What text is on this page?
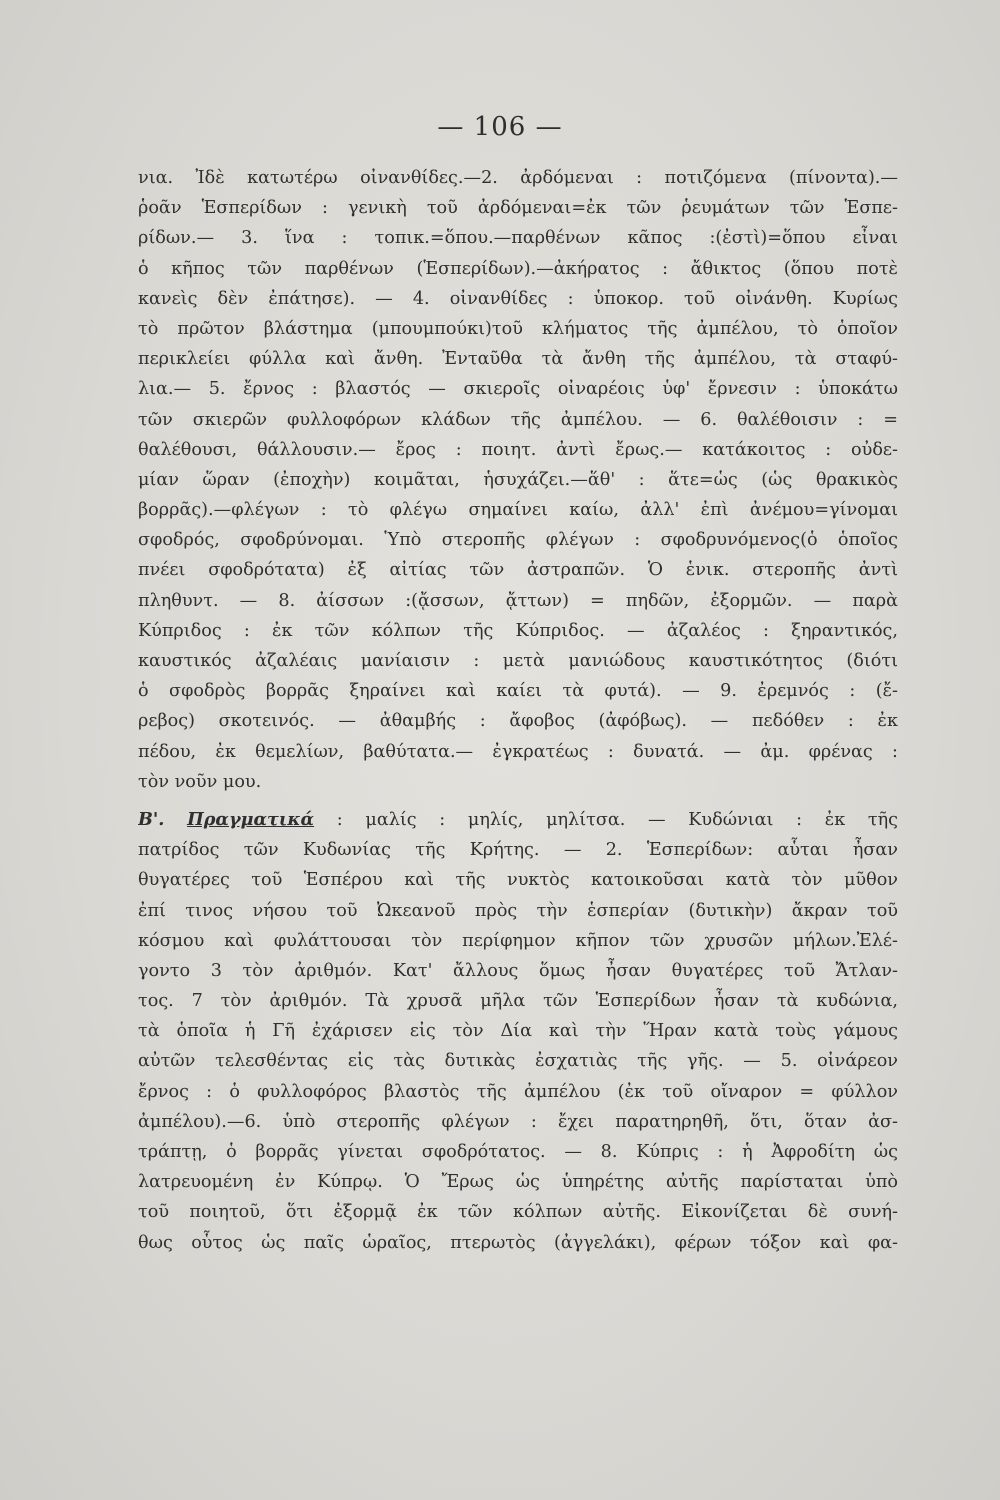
— 106 —
νια. Ἰδὲ κατωτέρω οἰνανθίδες.—2. ἀρδόμεναι : ποτιζόμενα (πίνοντα).—
ῥοᾶν Ἑσπερίδων : γενικὴ τοῦ ἀρδόμεναι=ἐκ τῶν ῥευμάτων τῶν Ἑσπε-
ρίδων.— 3. ἵνα : τοπικ.=ὅπου.—παρθένων κᾶπος :(ἐστὶ)=ὅπου εἶναι
ὁ κῆπος τῶν παρθένων (Ἑσπερίδων).—ἀκήρατος : ἄθικτος (ὅπου ποτὲ
κανεὶς δὲν ἐπάτησε). — 4. οἰνανθίδες : ὑποκορ. τοῦ οἰνάνθη. Κυρίως
τὸ πρῶτον βλάστημα (μπουμπούκι)τοῦ κλήματος τῆς ἀμπέλου, τὸ ὁποῖον
περικλείει φύλλα καὶ ἄνθη. Ἐνταῦθα τὰ ἄνθη τῆς ἀμπέλου, τὰ σταφύ-
λια.— 5. ἔρνος : βλαστός — σκιεροῖς οἰναρέοις ὑφ' ἔρνεσιν : ὑποκάτω
τῶν σκιερῶν φυλλοφόρων κλάδων τῆς ἀμπέλου. — 6. θαλέθοισιν : =
θαλέθουσι, θάλλουσιν.— ἔρος : ποιητ. ἀντὶ ἔρως.— κατάκοιτος : οὐδε-
μίαν ὥραν (ἐποχὴν) κοιμᾶται, ἡσυχάζει.—ἅθ' : ἅτε=ὡς (ὡς θρακικὸς
βορρᾶς).—φλέγων : τὸ φλέγω σημαίνει καίω, ἀλλ' ἐπὶ ἀνέμου=γίνομαι
σφοδρός, σφοδρύνομαι. Ὑπὸ στεροπῆς φλέγων : σφοδρυνόμενος(ὁ ὁποῖος
πνέει σφοδρότατα) ἐξ αἰτίας τῶν ἀστραπῶν. Ὁ ἑνικ. στεροπῆς ἀντὶ
πληθυντ. — 8. ἀίσσων :(ᾄσσων, ᾄττων) = πηδῶν, ἐξορμῶν. — παρὰ
Κύπριδος : ἐκ τῶν κόλπων τῆς Κύπριδος. — ἀζαλέος : ξηραντικός,
καυστικός ἀζαλέαις μανίαισιν : μετὰ μανιώδους καυστικότητος (διότι
ὁ σφοδρὸς βορρᾶς ξηραίνει καὶ καίει τὰ φυτά). — 9. ἐρεμνός : (ἔ-
ρεβος) σκοτεινός. — ἀθαμβής : ἄφοβος (ἀφόβως). — πεδόθεν : ἐκ
πέδου, ἐκ θεμελίων, βαθύτατα.— ἐγκρατέως : δυνατά. — ἀμ. φρένας :
τὸν νοῦν μου.
Β'. Πραγματικά : μαλίς : μηλίς, μηλίτσα. — Κυδώνιαι : ἐκ τῆς
πατρίδος τῶν Κυδωνίας τῆς Κρήτης. — 2. Ἑσπερίδων: αὗται ἦσαν
θυγατέρες τοῦ Ἑσπέρου καὶ τῆς νυκτὸς κατοικοῦσαι κατὰ τὸν μῦθον
ἐπί τινος νήσου τοῦ Ὠκεανοῦ πρὸς τὴν ἑσπερίαν (δυτικὴν) ἄκραν τοῦ
κόσμου καὶ φυλάττουσαι τὸν περίφημον κῆπον τῶν χρυσῶν μήλων.Ἐλέ-
γοντο 3 τὸν ἀριθμόν. Κατ' ἄλλους ὅμως ἦσαν θυγατέρες τοῦ Ἄτλαν-
τος. 7 τὸν ἀριθμόν. Τὰ χρυσᾶ μῆλα τῶν Ἑσπερίδων ἦσαν τὰ κυδώνια,
τὰ ὁποῖα ἡ Γῆ ἐχάρισεν εἰς τὸν Δία καὶ τὴν Ἥραν κατὰ τοὺς γάμους
αὐτῶν τελεσθέντας εἰς τὰς δυτικὰς ἐσχατιὰς τῆς γῆς. — 5. οἰνάρεον
ἔρνος : ὁ φυλλοφόρος βλαστὸς τῆς ἀμπέλου (ἐκ τοῦ οἴναρον = φύλλον
ἀμπέλου).—6. ὑπὸ στεροπῆς φλέγων : ἔχει παρατηρηθῆ, ὅτι, ὅταν ἀσ-
τράπτῃ, ὁ βορρᾶς γίνεται σφοδρότατος. — 8. Κύπρις : ἡ Ἀφροδίτη ὡς
λατρευομένη ἐν Κύπρῳ. Ὁ Ἔρως ὡς ὑπηρέτης αὐτῆς παρίσταται ὑπὸ
τοῦ ποιητοῦ, ὅτι ἐξορμᾷ ἐκ τῶν κόλπων αὐτῆς. Εἰκονίζεται δὲ συνή-
θως οὗτος ὡς παῖς ὡραῖος, πτερωτὸς (ἀγγελάκι), φέρων τόξον καὶ φα-
